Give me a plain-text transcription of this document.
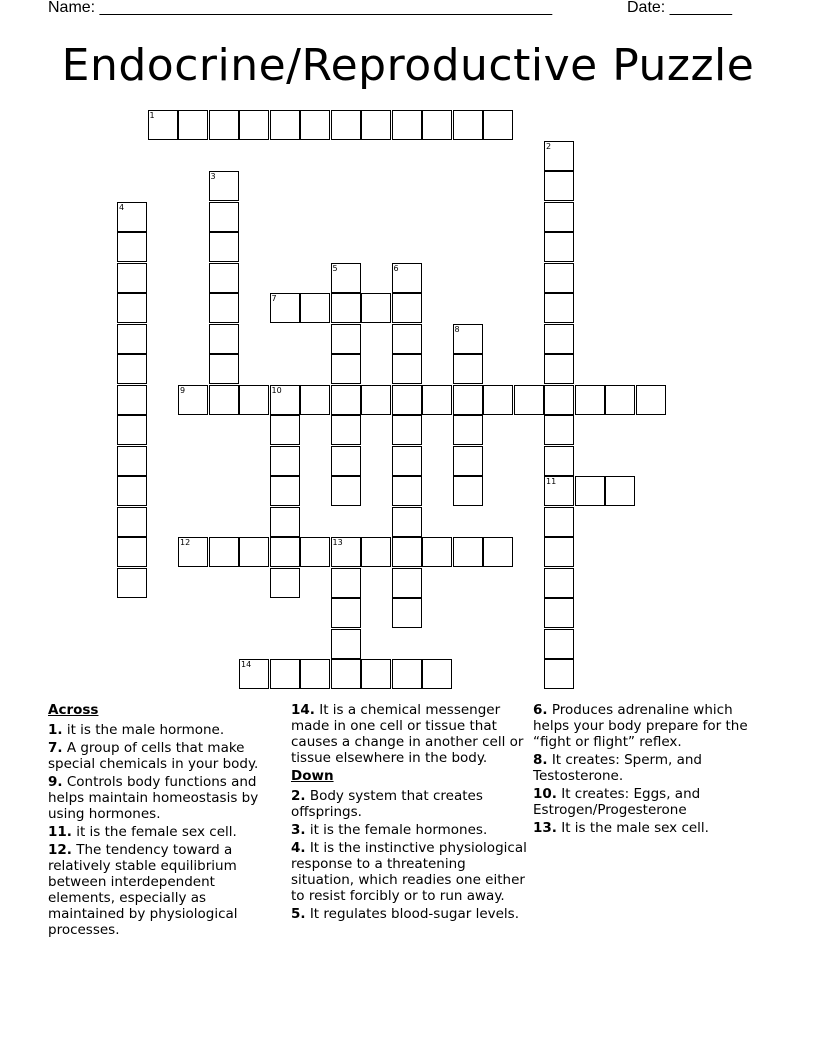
Name: ____________________________________________________	Date: _______
Endocrine/Reproductive Puzzle
1
2
11
3
4
5	6
7
8
9	10
12	13
14
Across
1. it is the male hormone.
7. A group of cells that make special chemicals in your body.
9. Controls body functions and helps maintain homeostasis by using hormones.
11. it is the female sex cell.
12. The tendency toward a relatively stable equilibrium between interdependent elements, especially as maintained by physiological processes.
14. It is a chemical messenger made in one cell or tissue that causes a change in another cell or tissue elsewhere in the body.
Down
2. Body system that creates offsprings.
3. it is the female hormones.
4. It is the instinctive physiological response to a threatening situation, which readies one either to resist forcibly or to run away.
5. It regulates blood-sugar levels.
6. Produces adrenaline which helps your body prepare for the “fight or flight” reflex.
8. It creates: Sperm, and Testosterone.
10. It creates: Eggs, and Estrogen/Progesterone
13. It is the male sex cell.
